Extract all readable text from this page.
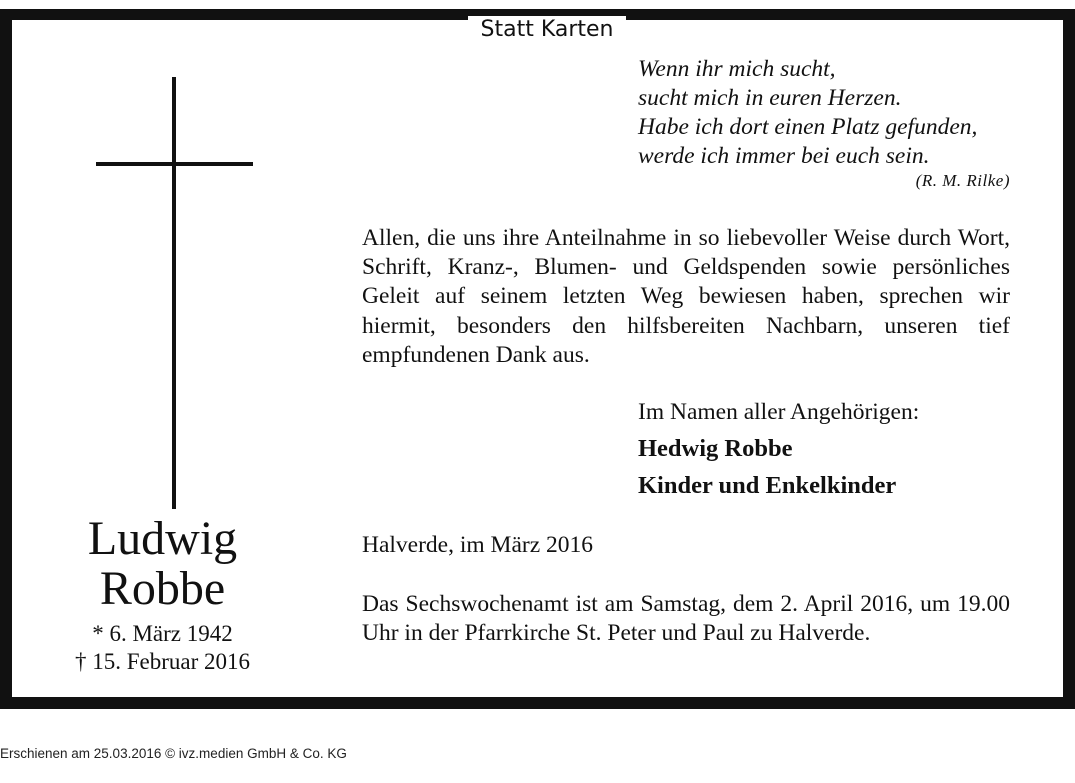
Statt Karten
Ludwig
Robbe
* 6. März 1942
† 15. Februar 2016
Wenn ihr mich sucht,
sucht mich in euren Herzen.
Habe ich dort einen Platz gefunden,
werde ich immer bei euch sein.
(R. M. Rilke)
Allen, die uns ihre Anteilnahme in so liebevoller Weise durch Wort, Schrift, Kranz-, Blumen- und Geldspenden sowie persönliches Geleit auf seinem letzten Weg bewiesen haben, sprechen wir hiermit, besonders den hilfsbereiten Nachbarn, unseren tief empfundenen Dank aus.
Im Namen aller Angehörigen:
Hedwig Robbe
Kinder und Enkelkinder
Halverde, im März 2016
Das Sechswochenamt ist am Samstag, dem 2. April 2016, um 19.00 Uhr in der Pfarrkirche St. Peter und Paul zu Halverde.
Erschienen am 25.03.2016 © ivz.medien GmbH & Co. KG
